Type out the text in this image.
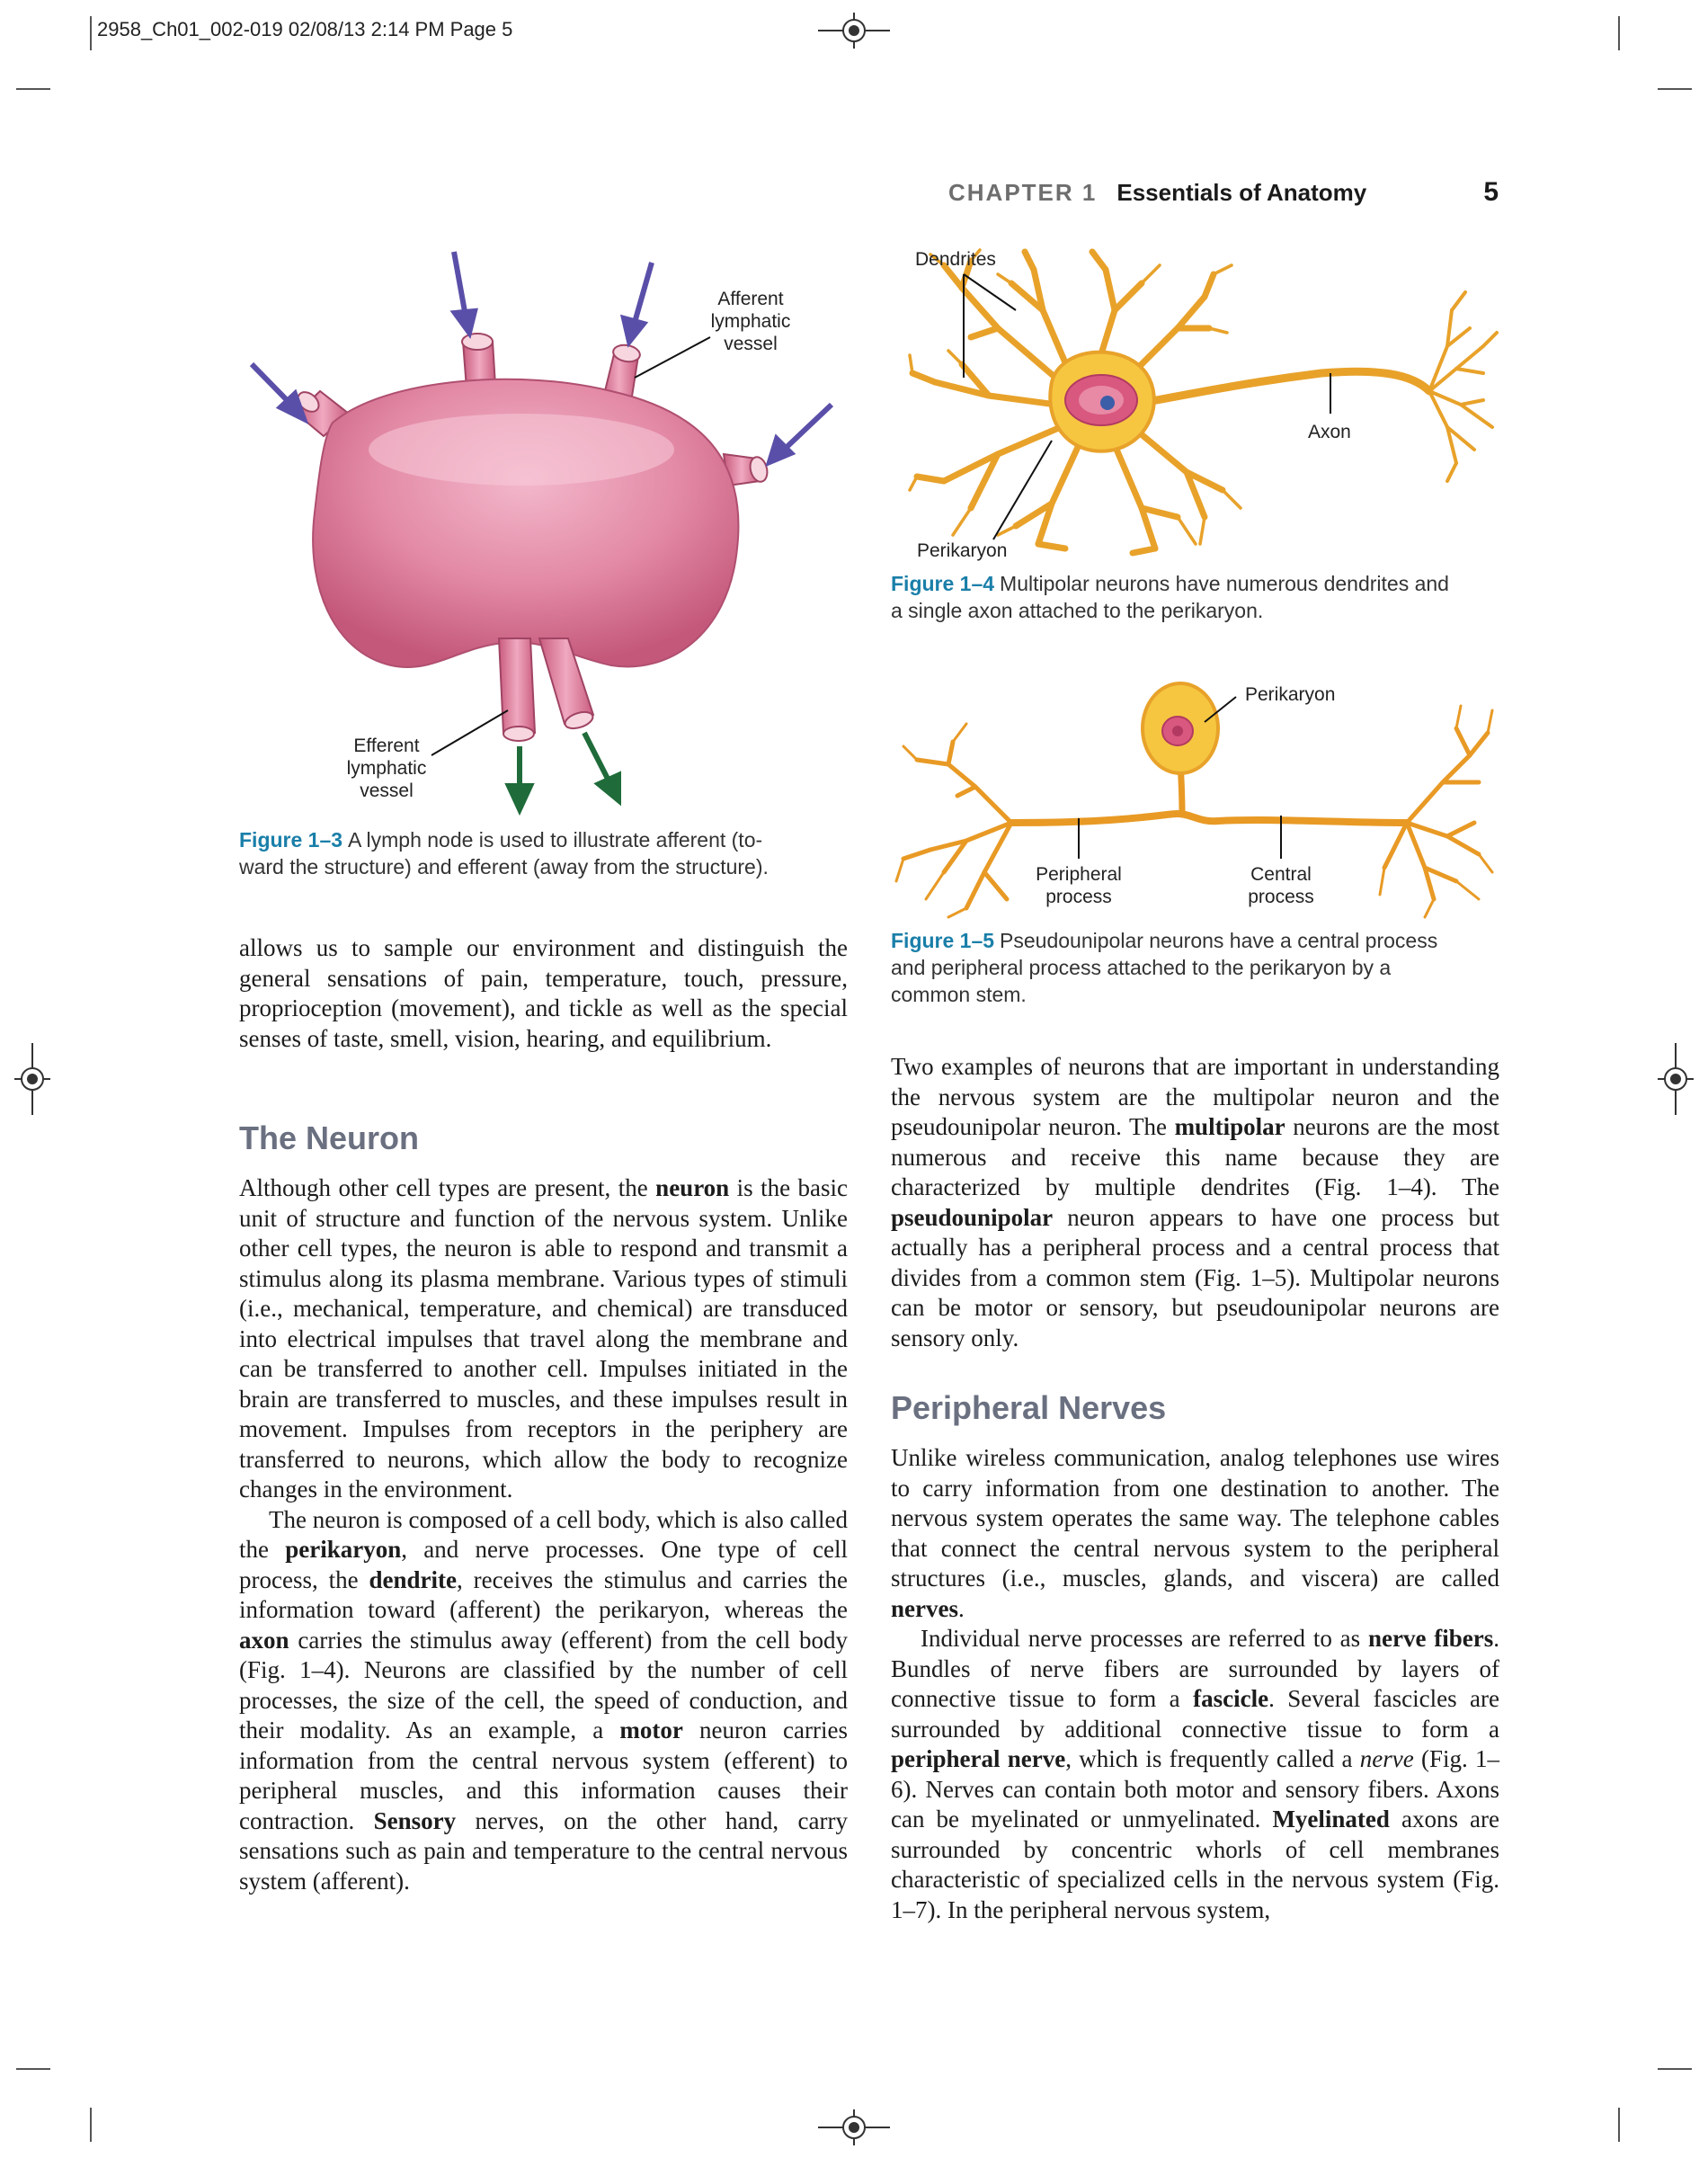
2958_Ch01_002-019 02/08/13 2:14 PM Page 5
CHAPTER 1 Essentials of Anatomy	5
Afferent
lymphatic
vessel
Efferent
lymphatic
vessel
Figure 1–3 A lymph node is used to illustrate afferent (to-
ward the structure) and efferent (away from the structure).
Dendrites
Axon
Perikaryon
Figure 1–4 Multipolar neurons have numerous dendrites and
a single axon attached to the perikaryon.
Perikaryon
Peripheral
process
Central
process
Figure 1–5 Pseudounipolar neurons have a central process
and peripheral process attached to the perikaryon by a
common stem.

allows us to sample our environment and distinguish the general sensations of pain, temperature, touch, pressure, proprioception (movement), and tickle as well as the special senses of taste, smell, vision, hearing, and equilibrium.

The Neuron

Although other cell types are present, the neuron is the basic unit of structure and function of the nervous system. Unlike other cell types, the neuron is able to respond and transmit a stimulus along its plasma membrane. Various types of stimuli (i.e., mechanical, temperature, and chemical) are transduced into electrical impulses that travel along the membrane and can be transferred to another cell. Impulses initiated in the brain are transferred to muscles, and these impulses result in movement. Impulses from receptors in the periphery are transferred to neurons, which allow the body to recognize changes in the environment.

The neuron is composed of a cell body, which is also called the perikaryon, and nerve processes. One type of cell process, the dendrite, receives the stimulus and carries the information toward (afferent) the perikaryon, whereas the axon carries the stimulus away (efferent) from the cell body (Fig. 1–4). Neurons are classified by the number of cell processes, the size of the cell, the speed of conduction, and their modality. As an example, a motor neuron carries information from the central nervous system (efferent) to peripheral muscles, and this information causes their contraction. Sensory nerves, on the other hand, carry sensations such as pain and temperature to the central nervous system (afferent).

Two examples of neurons that are important in understanding the nervous system are the multipolar neuron and the pseudounipolar neuron. The multipolar neurons are the most numerous and receive this name because they are characterized by multiple dendrites (Fig. 1–4). The pseudounipolar neuron appears to have one process but actually has a peripheral process and a central process that divides from a common stem (Fig. 1–5). Multipolar neurons can be motor or sensory, but pseudounipolar neurons are sensory only.

Peripheral Nerves

Unlike wireless communication, analog telephones use wires to carry information from one destination to another. The nervous system operates the same way. The telephone cables that connect the central nervous system to the peripheral structures (i.e., muscles, glands, and viscera) are called nerves.

Individual nerve processes are referred to as nerve fibers. Bundles of nerve fibers are surrounded by layers of connective tissue to form a fascicle. Several fascicles are surrounded by additional connective tissue to form a peripheral nerve, which is frequently called a nerve (Fig. 1–6). Nerves can contain both motor and sensory fibers. Axons can be myelinated or unmyelinated. Myelinated axons are surrounded by concentric whorls of cell membranes characteristic of specialized cells in the nervous system (Fig. 1–7). In the peripheral nervous system,
